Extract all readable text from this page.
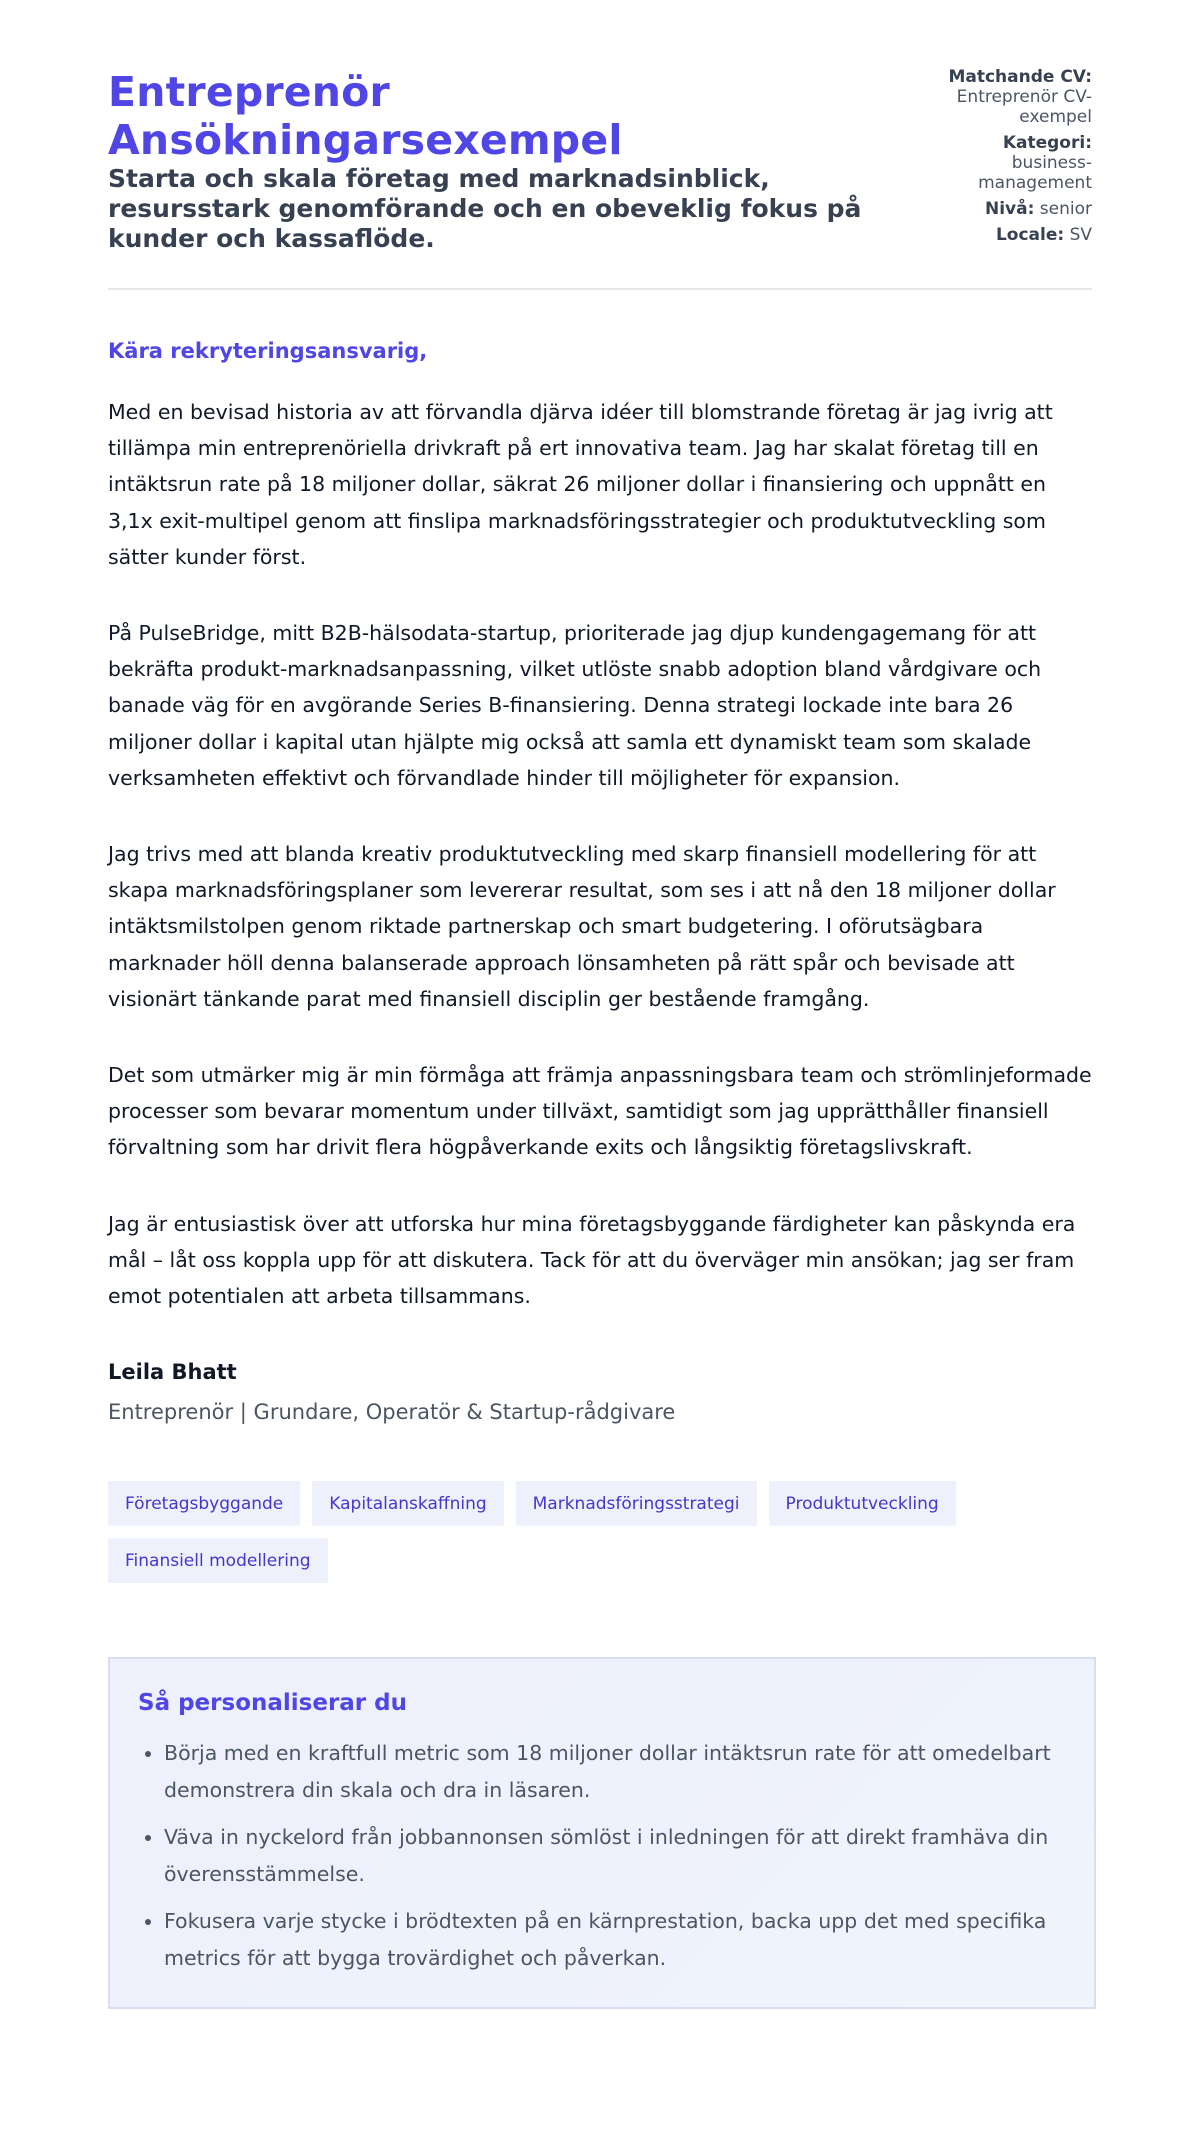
Entreprenör Ansökningarsexempel
Starta och skala företag med marknadsinblick, resursstark genomförande och en obeveklig fokus på kunder och kassaflöde.
Matchande CV:
Entreprenör CV-exempel
Kategori:
business-management
Nivå: senior
Locale: SV

Kära rekryteringsansvarig,

Med en bevisad historia av att förvandla djärva idéer till blomstrande företag är jag ivrig att tillämpa min entreprenöriella drivkraft på ert innovativa team. Jag har skalat företag till en intäktsrun rate på 18 miljoner dollar, säkrat 26 miljoner dollar i finansiering och uppnått en 3,1x exit-multipel genom att finslipa marknadsföringsstrategier och produktutveckling som sätter kunder först.

På PulseBridge, mitt B2B-hälsodata-startup, prioriterade jag djup kundengagemang för att bekräfta produkt-marknadsanpassning, vilket utlöste snabb adoption bland vårdgivare och banade väg för en avgörande Series B-finansiering. Denna strategi lockade inte bara 26 miljoner dollar i kapital utan hjälpte mig också att samla ett dynamiskt team som skalade verksamheten effektivt och förvandlade hinder till möjligheter för expansion.

Jag trivs med att blanda kreativ produktutveckling med skarp finansiell modellering för att skapa marknadsföringsplaner som levererar resultat, som ses i att nå den 18 miljoner dollar intäktsmilstolpen genom riktade partnerskap och smart budgetering. I oförutsägbara marknader höll denna balanserade approach lönsamheten på rätt spår och bevisade att visionärt tänkande parat med finansiell disciplin ger bestående framgång.

Det som utmärker mig är min förmåga att främja anpassningsbara team och strömlinjeformade processer som bevarar momentum under tillväxt, samtidigt som jag upprätthåller finansiell förvaltning som har drivit flera högpåverkande exits och långsiktig företagslivskraft.

Jag är entusiastisk över att utforska hur mina företagsbyggande färdigheter kan påskynda era mål – låt oss koppla upp för att diskutera. Tack för att du överväger min ansökan; jag ser fram emot potentialen att arbeta tillsammans.

Leila Bhatt
Entreprenör | Grundare, Operatör & Startup-rådgivare
Företagsbyggande	Kapitalanskaffning	Marknadsföringsstrategi	Produktutveckling
Finansiell modellering
Så personaliserar du
• Börja med en kraftfull metric som 18 miljoner dollar intäktsrun rate för att omedelbart demonstrera din skala och dra in läsaren.
• Väva in nyckelord från jobbannonsen sömlöst i inledningen för att direkt framhäva din överensstämmelse.
• Fokusera varje stycke i brödtexten på en kärnprestation, backa upp det med specifika metrics för att bygga trovärdighet och påverkan.
